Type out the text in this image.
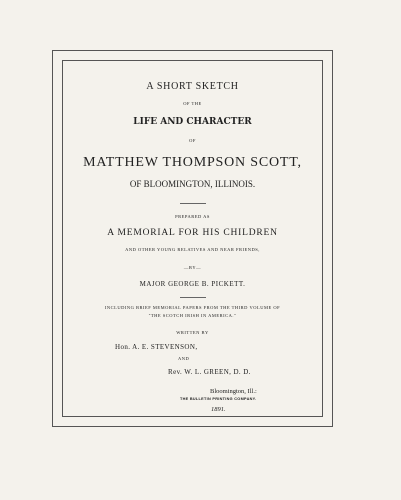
A SHORT SKETCH
OF THE
LIFE AND CHARACTER
OF
MATTHEW THOMPSON SCOTT,
OF BLOOMINGTON, ILLINOIS.
PREPARED AS
A MEMORIAL FOR HIS CHILDREN
AND OTHER YOUNG RELATIVES AND NEAR FRIENDS,
—BY—
MAJOR GEORGE B. PICKETT.
INCLUDING BRIEF MEMORIAL PAPERS FROM THE THIRD VOLUME OF
"THE SCOTCH IRISH IN AMERICA."
WRITTEN BY
Hon. A. E. STEVENSON,
AND
Rev. W. L. GREEN, D. D.
Bloomington, Ill.:
THE BULLETIN PRINTING COMPANY.
1891.
